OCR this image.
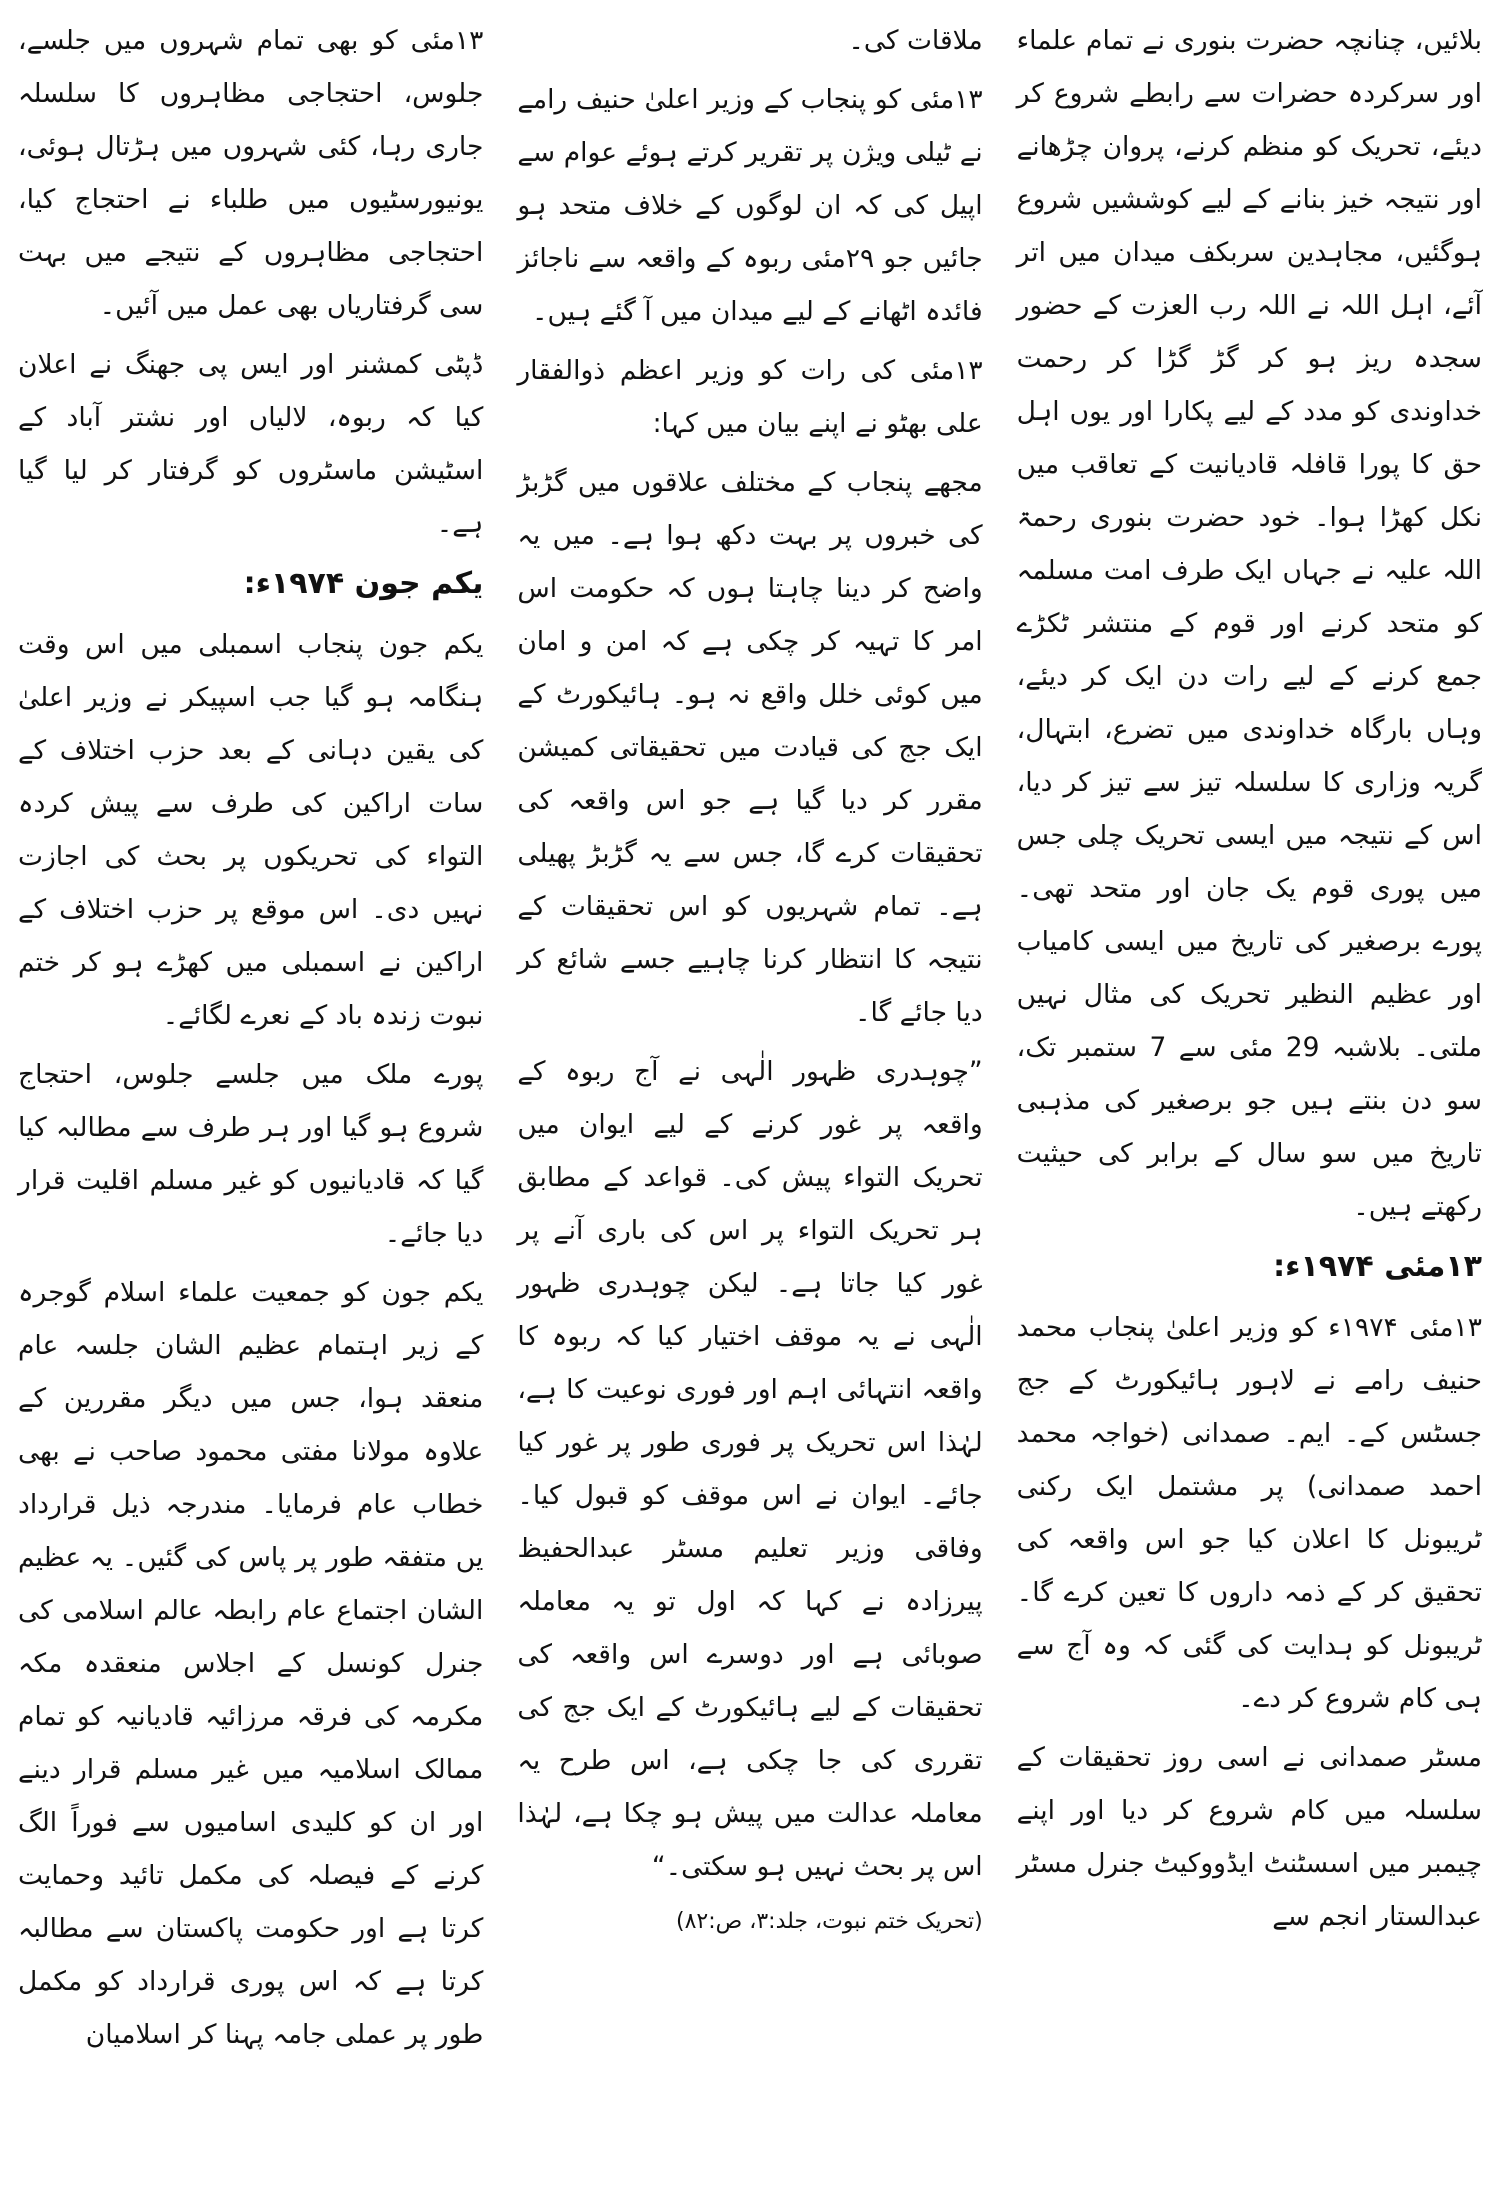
بلائیں، چنانچہ حضرت بنوری نے تمام علماء اور سرکردہ حضرات سے رابطے شروع کر دیئے، تحریک کو منظم کرنے، پروان چڑھانے اور نتیجہ خیز بنانے کے لیے کوششیں شروع ہوگئیں، مجاہدین سربکف میدان میں اتر آئے، اہل اللہ نے اللہ رب العزت کے حضور سجدہ ریز ہو کر گڑ گڑا کر رحمت خداوندی کو مدد کے لیے پکارا اور یوں اہل حق کا پورا قافلہ قادیانیت کے تعاقب میں نکل کھڑا ہوا۔ خود حضرت بنوری رحمۃ اللہ علیہ نے جہاں ایک طرف امت مسلمہ کو متحد کرنے اور قوم کے منتشر ٹکڑے جمع کرنے کے لیے رات دن ایک کر دیئے، وہاں بارگاہ خداوندی میں تضرع، ابتہال، گریہ وزاری کا سلسلہ تیز سے تیز کر دیا، اس کے نتیجہ میں ایسی تحریک چلی جس میں پوری قوم یک جان اور متحد تھی۔ پورے برصغیر کی تاریخ میں ایسی کامیاب اور عظیم النظیر تحریک کی مثال نہیں ملتی۔ بلاشبہ 29 مئی سے 7 ستمبر تک، سو دن بنتے ہیں جو برصغیر کی مذہبی تاریخ میں سو سال کے برابر کی حیثیت رکھتے ہیں۔

۱۳مئی ۱۹۷۴ء:

۱۳مئی ۱۹۷۴ء کو وزیر اعلیٰ پنجاب محمد حنیف رامے نے لاہور ہائیکورٹ کے جج جسٹس کے۔ ایم۔ صمدانی (خواجہ محمد احمد صمدانی) پر مشتمل ایک رکنی ٹریبونل کا اعلان کیا جو اس واقعہ کی تحقیق کر کے ذمہ داروں کا تعین کرے گا۔ ٹریبونل کو ہدایت کی گئی کہ وہ آج سے ہی کام شروع کر دے۔

مسٹر صمدانی نے اسی روز تحقیقات کے سلسلہ میں کام شروع کر دیا اور اپنے چیمبر میں اسسٹنٹ ایڈووکیٹ جنرل مسٹر عبدالستار انجم سے

ملاقات کی۔

۱۳مئی کو پنجاب کے وزیر اعلیٰ حنیف رامے نے ٹیلی ویژن پر تقریر کرتے ہوئے عوام سے اپیل کی کہ ان لوگوں کے خلاف متحد ہو جائیں جو ۲۹مئی ربوہ کے واقعہ سے ناجائز فائدہ اٹھانے کے لیے میدان میں آ گئے ہیں۔

۱۳مئی کی رات کو وزیر اعظم ذوالفقار علی بھٹو نے اپنے بیان میں کہا:

مجھے پنجاب کے مختلف علاقوں میں گڑبڑ کی خبروں پر بہت دکھ ہوا ہے۔ میں یہ واضح کر دینا چاہتا ہوں کہ حکومت اس امر کا تہیہ کر چکی ہے کہ امن و امان میں کوئی خلل واقع نہ ہو۔ ہائیکورٹ کے ایک جج کی قیادت میں تحقیقاتی کمیشن مقرر کر دیا گیا ہے جو اس واقعہ کی تحقیقات کرے گا، جس سے یہ گڑبڑ پھیلی ہے۔ تمام شہریوں کو اس تحقیقات کے نتیجہ کا انتظار کرنا چاہیے جسے شائع کر دیا جائے گا۔

”چوہدری ظہور الٰہی نے آج ربوہ کے واقعہ پر غور کرنے کے لیے ایوان میں تحریک التواء پیش کی۔ قواعد کے مطابق ہر تحریک التواء پر اس کی باری آنے پر غور کیا جاتا ہے۔ لیکن چوہدری ظہور الٰہی نے یہ موقف اختیار کیا کہ ربوہ کا واقعہ انتہائی اہم اور فوری نوعیت کا ہے، لہٰذا اس تحریک پر فوری طور پر غور کیا جائے۔ ایوان نے اس موقف کو قبول کیا۔ وفاقی وزیر تعلیم مسٹر عبدالحفیظ پیرزادہ نے کہا کہ اول تو یہ معاملہ صوبائی ہے اور دوسرے اس واقعہ کی تحقیقات کے لیے ہائیکورٹ کے ایک جج کی تقرری کی جا چکی ہے، اس طرح یہ معاملہ عدالت میں پیش ہو چکا ہے، لہٰذا اس پر بحث نہیں ہو سکتی۔“

(تحریک ختم نبوت، جلد:۳، ص:۸۲)

۱۳مئی کو بھی تمام شہروں میں جلسے، جلوس، احتجاجی مظاہروں کا سلسلہ جاری رہا، کئی شہروں میں ہڑتال ہوئی، یونیورسٹیوں میں طلباء نے احتجاج کیا، احتجاجی مظاہروں کے نتیجے میں بہت سی گرفتاریاں بھی عمل میں آئیں۔

ڈپٹی کمشنر اور ایس پی جھنگ نے اعلان کیا کہ ربوہ، لالیاں اور نشتر آباد کے اسٹیشن ماسٹروں کو گرفتار کر لیا گیا ہے۔

یکم جون ۱۹۷۴ء:

یکم جون پنجاب اسمبلی میں اس وقت ہنگامہ ہو گیا جب اسپیکر نے وزیر اعلیٰ کی یقین دہانی کے بعد حزب اختلاف کے سات اراکین کی طرف سے پیش کردہ التواء کی تحریکوں پر بحث کی اجازت نہیں دی۔ اس موقع پر حزب اختلاف کے اراکین نے اسمبلی میں کھڑے ہو کر ختم نبوت زندہ باد کے نعرے لگائے۔

پورے ملک میں جلسے جلوس، احتجاج شروع ہو گیا اور ہر طرف سے مطالبہ کیا گیا کہ قادیانیوں کو غیر مسلم اقلیت قرار دیا جائے۔

یکم جون کو جمعیت علماء اسلام گوجرہ کے زیر اہتمام عظیم الشان جلسہ عام منعقد ہوا، جس میں دیگر مقررین کے علاوہ مولانا مفتی محمود صاحب نے بھی خطاب عام فرمایا۔ مندرجہ ذیل قرارداد یں متفقہ طور پر پاس کی گئیں۔ یہ عظیم الشان اجتماع عام رابطہ عالم اسلامی کی جنرل کونسل کے اجلاس منعقدہ مکہ مکرمہ کی فرقہ مرزائیہ قادیانیہ کو تمام ممالک اسلامیہ میں غیر مسلم قرار دینے اور ان کو کلیدی اسامیوں سے فوراً الگ کرنے کے فیصلہ کی مکمل تائید وحمایت کرتا ہے اور حکومت پاکستان سے مطالبہ کرتا ہے کہ اس پوری قرارداد کو مکمل طور پر عملی جامہ پہنا کر اسلامیان
